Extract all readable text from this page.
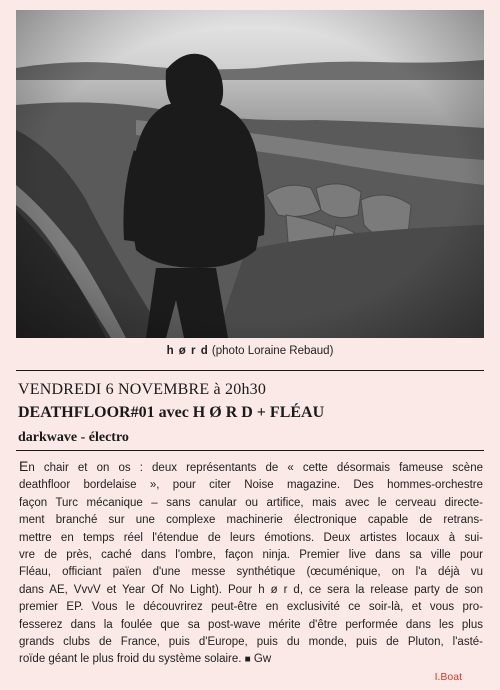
h ø r d (photo Loraine Rebaud)
VENDREDI 6 NOVEMBRE à 20h30
DEATHFLOOR#01 avec H Ø R D + FLÉAU
darkwave - électro
En chair et on os : deux représentants de « cette désormais fameuse scène
deathfloor bordelaise », pour citer Noise magazine. Des hommes-orchestre
façon Turc mécanique – sans canular ou artifice, mais avec le cerveau directe-
ment branché sur une complexe machinerie électronique capable de retrans-
mettre en temps réel l'étendue de leurs émotions. Deux artistes locaux à sui-
vre de près, caché dans l'ombre, façon ninja. Premier live dans sa ville pour
Fléau, officiant païen d'une messe synthétique (œcuménique, on l'a déjà vu
dans AE, VvvV et Year Of No Light). Pour h ø r d, ce sera la release party de son
premier EP. Vous le découvrirez peut-être en exclusivité ce soir-là, et vous pro-
fesserez dans la foulée que sa post-wave mérite d'être performée dans les plus
grands clubs de France, puis d'Europe, puis du monde, puis de Pluton, l'asté-
roïde géant le plus froid du système solaire. ■ Gw
I.Boat
